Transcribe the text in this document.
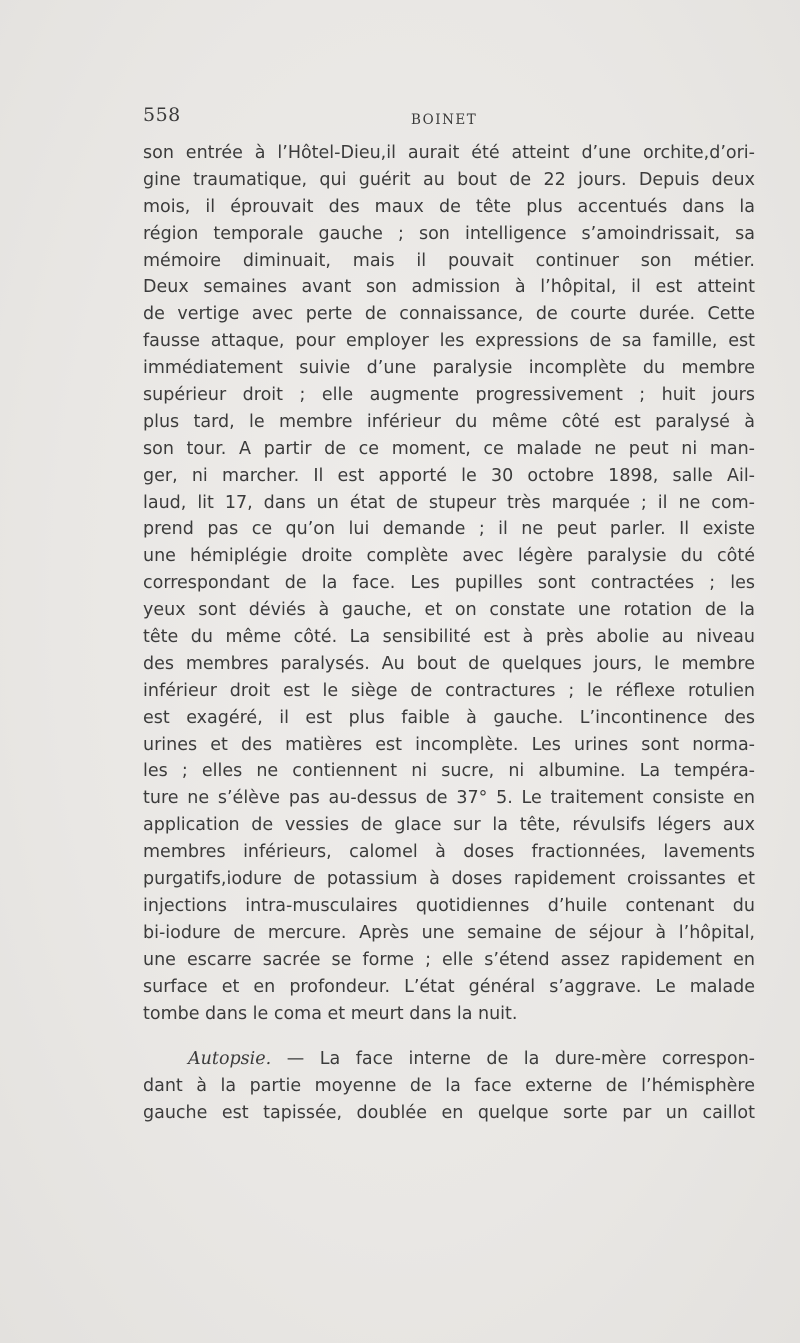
558	BOINET
son entrée à l’Hôtel-Dieu,il aurait été atteint d’une orchite,d’ori-
gine traumatique, qui guérit au bout de 22 jours. Depuis deux
mois, il éprouvait des maux de tête plus accentués dans la
région temporale gauche ; son intelligence s’amoindrissait, sa
mémoire diminuait, mais il pouvait continuer son métier.
Deux semaines avant son admission à l’hôpital, il est atteint
de vertige avec perte de connaissance, de courte durée. Cette
fausse attaque, pour employer les expressions de sa famille, est
immédiatement suivie d’une paralysie incomplète du membre
supérieur droit ; elle augmente progressivement ; huit jours
plus tard, le membre inférieur du même côté est paralysé à
son tour. A partir de ce moment, ce malade ne peut ni man-
ger, ni marcher. Il est apporté le 30 octobre 1898, salle Ail-
laud, lit 17, dans un état de stupeur très marquée ; il ne com-
prend pas ce qu’on lui demande ; il ne peut parler. Il existe
une hémiplégie droite complète avec légère paralysie du côté
correspondant de la face. Les pupilles sont contractées ; les
yeux sont déviés à gauche, et on constate une rotation de la
tête du même côté. La sensibilité est à près abolie au niveau
des membres paralysés. Au bout de quelques jours, le membre
inférieur droit est le siège de contractures ; le réflexe rotulien
est exagéré, il est plus faible à gauche. L’incontinence des
urines et des matières est incomplète. Les urines sont norma-
les ; elles ne contiennent ni sucre, ni albumine. La tempéra-
ture ne s’élève pas au-dessus de 37° 5. Le traitement consiste en
application de vessies de glace sur la tête, révulsifs légers aux
membres inférieurs, calomel à doses fractionnées, lavements
purgatifs,iodure de potassium à doses rapidement croissantes et
injections intra-musculaires quotidiennes d’huile contenant du
bi-iodure de mercure. Après une semaine de séjour à l’hôpital,
une escarre sacrée se forme ; elle s’étend assez rapidement en
surface et en profondeur. L’état général s’aggrave. Le malade
tombe dans le coma et meurt dans la nuit.
Autopsie. — La face interne de la dure-mère correspon-
dant à la partie moyenne de la face externe de l’hémisphère
gauche est tapissée, doublée en quelque sorte par un caillot
